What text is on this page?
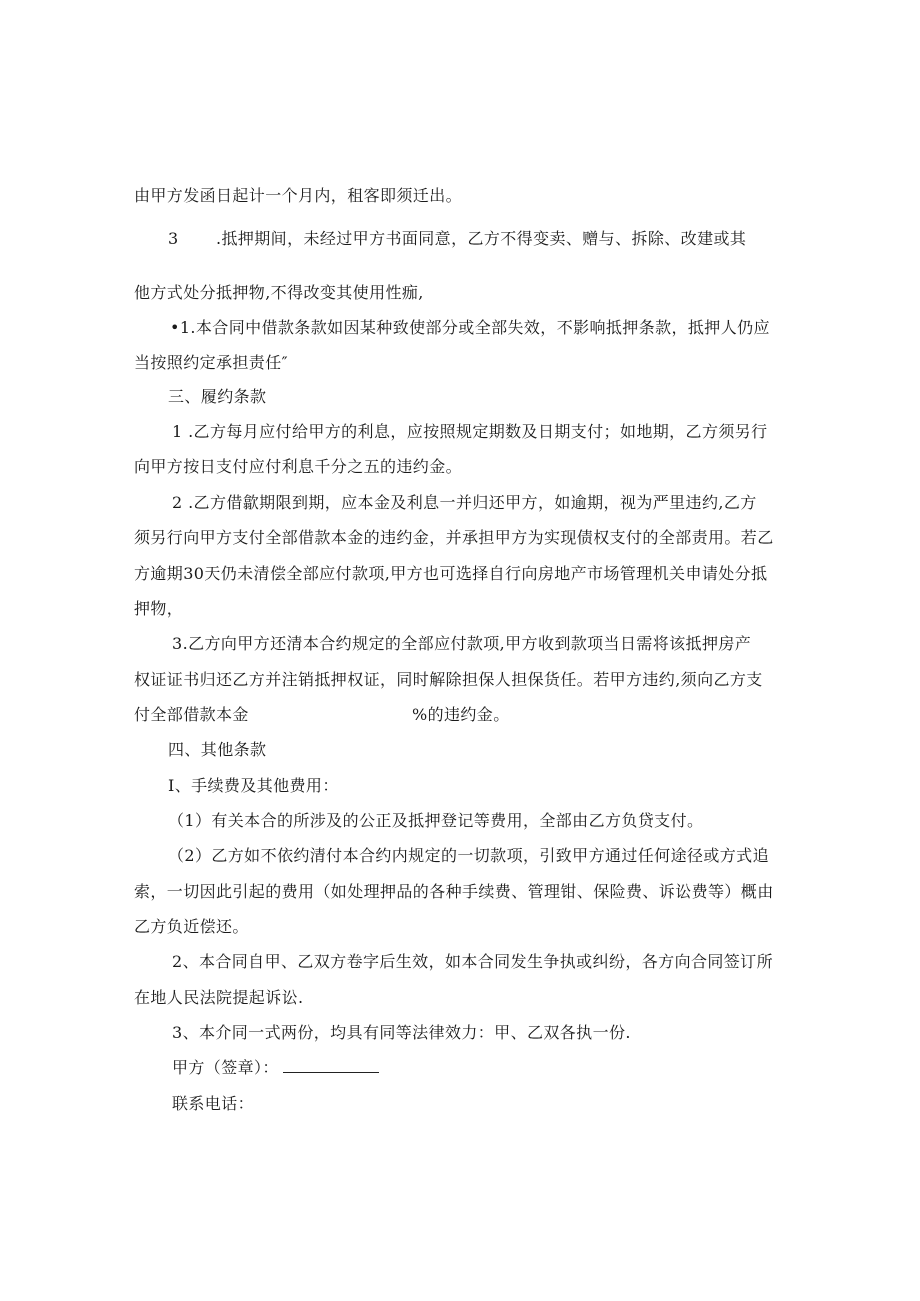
由甲方发函日起计一个月内，租客即须迁出。
3 .抵押期间，未经过甲方书面同意，乙方不得变卖、赠与、拆除、改建或其
他方式处分抵押物,不得改变其使用性痂,
•1.本合同中借款条款如因某种致使部分或全部失效，不影响抵押条款，抵押人仍应
当按照约定承担责任″
三、履约条款
1 .乙方每月应付给甲方的利息，应按照规定期数及日期支付；如地期，乙方须另行
向甲方按日支付应付利息千分之五的违约金。
2 .乙方借歙期限到期，应本金及利息一并归还甲方，如逾期，视为严里违约,乙方
须另行向甲方支付全部借款本金的违约金，并承担甲方为实现债权支付的全部责用。若乙
方逾期30天仍未清偿全部应付款项,甲方也可选择自行向房地产市场管理机关申请处分抵
押物，
3.乙方向甲方还清本合约规定的全部应付款项,甲方收到款项当日需将该抵押房产
权证证书归还乙方并注销抵押权证，同时解除担保人担保货任。若甲方违约,须向乙方支
付全部借款本金	%的违约金。
四、其他条款
I、手续费及其他费用：
（1）有关本合的所涉及的公正及抵押登记等费用，全部由乙方负贷支付。
（2）乙方如不依约清付本合约内规定的一切款项，引致甲方通过任何途径或方式追
索，一切因此引起的费用（如处理押品的各种手续费、管理钳、保险费、诉讼费等）概由
乙方负近偿还。
2、本合同自甲、乙双方卷字后生效，如本合同发生争执或纠纷，各方向合同签订所
在地人民法院提起诉讼.
3、本介同一式两份，均具有同等法律效力：甲、乙双各执一份.
甲方（签章）：
联系电话：
